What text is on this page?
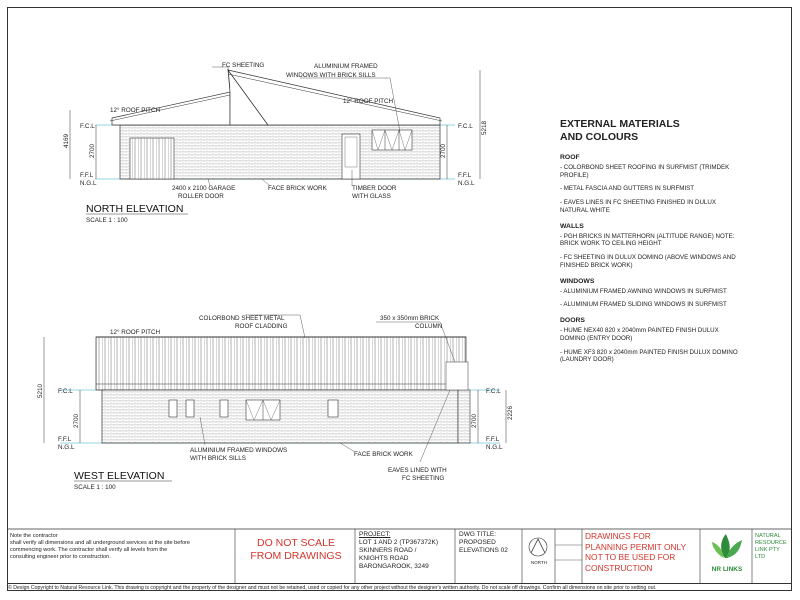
FC SHEETING	ALUMINIUM FRAMED
WINDOWS WITH BRICK SILLS
12° ROOF PITCH
12° ROOF PITCH
4169
2700
5218
2700
F.C.L
F.F.L
N.G.L
F.C.L
F.F.L
N.G.L
2400 x 2100 GARAGE
ROLLER DOOR
FACE BRICK WORK	TIMBER DOOR
WITH GLASS
NORTH ELEVATION
SCALE 1 : 100
12° ROOF PITCH
COLORBOND SHEET METAL
ROOF CLADDING
350 x 350mm BRICK
COLUMN
5210
2700
2226
2700
F.C.L
F.F.L
N.G.L
F.C.L
F.F.L
N.G.L
ALUMINIUM FRAMED WINDOWS
WITH BRICK SILLS
FACE BRICK WORK
EAVES LINED WITH
FC SHEETING
WEST ELEVATION
SCALE 1 : 100
EXTERNAL MATERIALS
AND COLOURS
ROOF
- COLORBOND SHEET ROOFING IN SURFMIST (TRIMDEK PROFILE)
- METAL FASCIA AND GUTTERS IN SURFMIST
- EAVES LINES IN FC SHEETING FINISHED IN DULUX NATURAL WHITE
WALLS
- PGH BRICKS IN MATTERHORN (ALTITUDE RANGE) NOTE: BRICK WORK TO CEILING HEIGHT
- FC SHEETING IN DULUX DOMINO (ABOVE WINDOWS AND FINISHED BRICK WORK)
WINDOWS
- ALUMINIUM FRAMED AWNING WINDOWS IN SURFMIST
- ALUMINIUM FRAMED SLIDING WINDOWS IN SURFMIST
DOORS
- HUME NEX40 820 x 2040mm PAINTED FINISH DULUX DOMINO (ENTRY DOOR)
- HUME XF3 820 x 2040mm PAINTED FINISH DULUX DOMINO (LAUNDRY DOOR)
Note the contractor
shall verify all dimensions and all underground services at the site before
commencing work. The contractor shall verify all levels from the
consulting engineer prior to construction.
DO NOT SCALE
FROM DRAWINGS
PROJECT:
LOT 1 AND 2 (TP367372K)
SKINNERS ROAD /
KNIGHTS ROAD
BARONGAROOK, 3249
DWG TITLE:
PROPOSED
ELEVATIONS 02
NORTH
DRAWINGS FOR
PLANNING PERMIT ONLY
NOT TO BE USED FOR
CONSTRUCTION	NR LINKS
NATURAL
RESOURCE
LINK PTY LTD
© Design Copyright to Natural Resource Link. This drawing is copyright and the property of the designer and must not be retained, used or copied for any other project without the designer's written authority. Do not scale off drawings. Confirm all dimensions on site prior to setting out.
